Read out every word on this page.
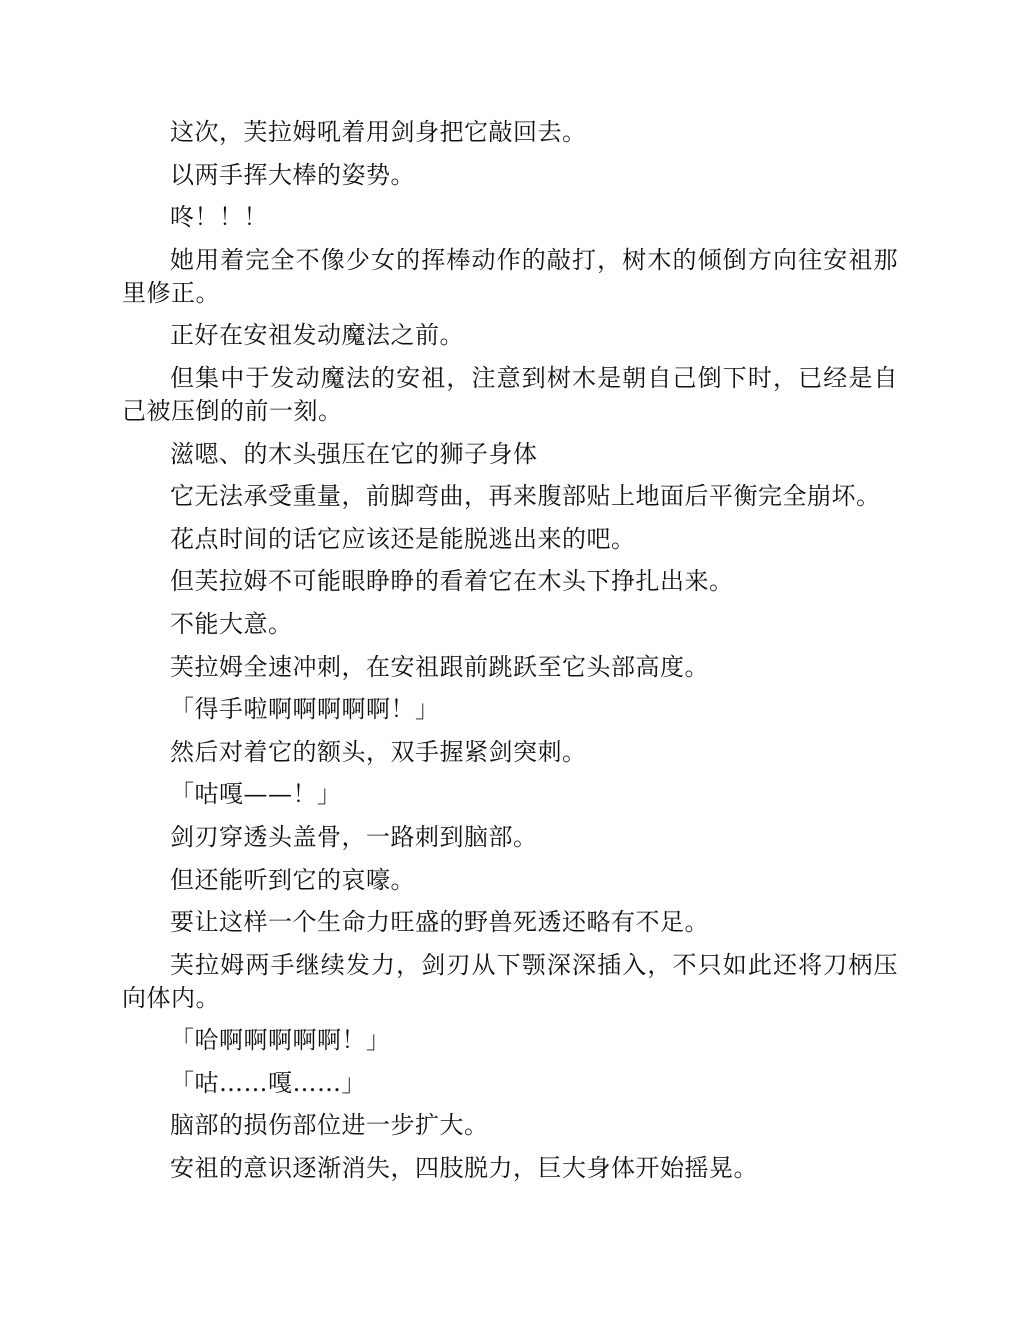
这次，芙拉姆吼着用剑身把它敲回去。

以两手挥大棒的姿势。

咚！！！

她用着完全不像少女的挥棒动作的敲打，树木的倾倒方向往安祖那里修正。

正好在安祖发动魔法之前。

但集中于发动魔法的安祖，注意到树木是朝自己倒下时，已经是自己被压倒的前一刻。

滋嗯、的木头强压在它的狮子身体

它无法承受重量，前脚弯曲，再来腹部贴上地面后平衡完全崩坏。

花点时间的话它应该还是能脱逃出来的吧。

但芙拉姆不可能眼睁睁的看着它在木头下挣扎出来。

不能大意。

芙拉姆全速冲刺，在安祖跟前跳跃至它头部高度。

「得手啦啊啊啊啊啊！」

然后对着它的额头，双手握紧剑突刺。

「咕嘎——！」

剑刃穿透头盖骨，一路刺到脑部。

但还能听到它的哀嚎。

要让这样一个生命力旺盛的野兽死透还略有不足。

芙拉姆两手继续发力，剑刃从下颚深深插入，不只如此还将刀柄压向体内。

「哈啊啊啊啊啊！」

「咕……嘎……」

脑部的损伤部位进一步扩大。

安祖的意识逐渐消失，四肢脱力，巨大身体开始摇晃。
